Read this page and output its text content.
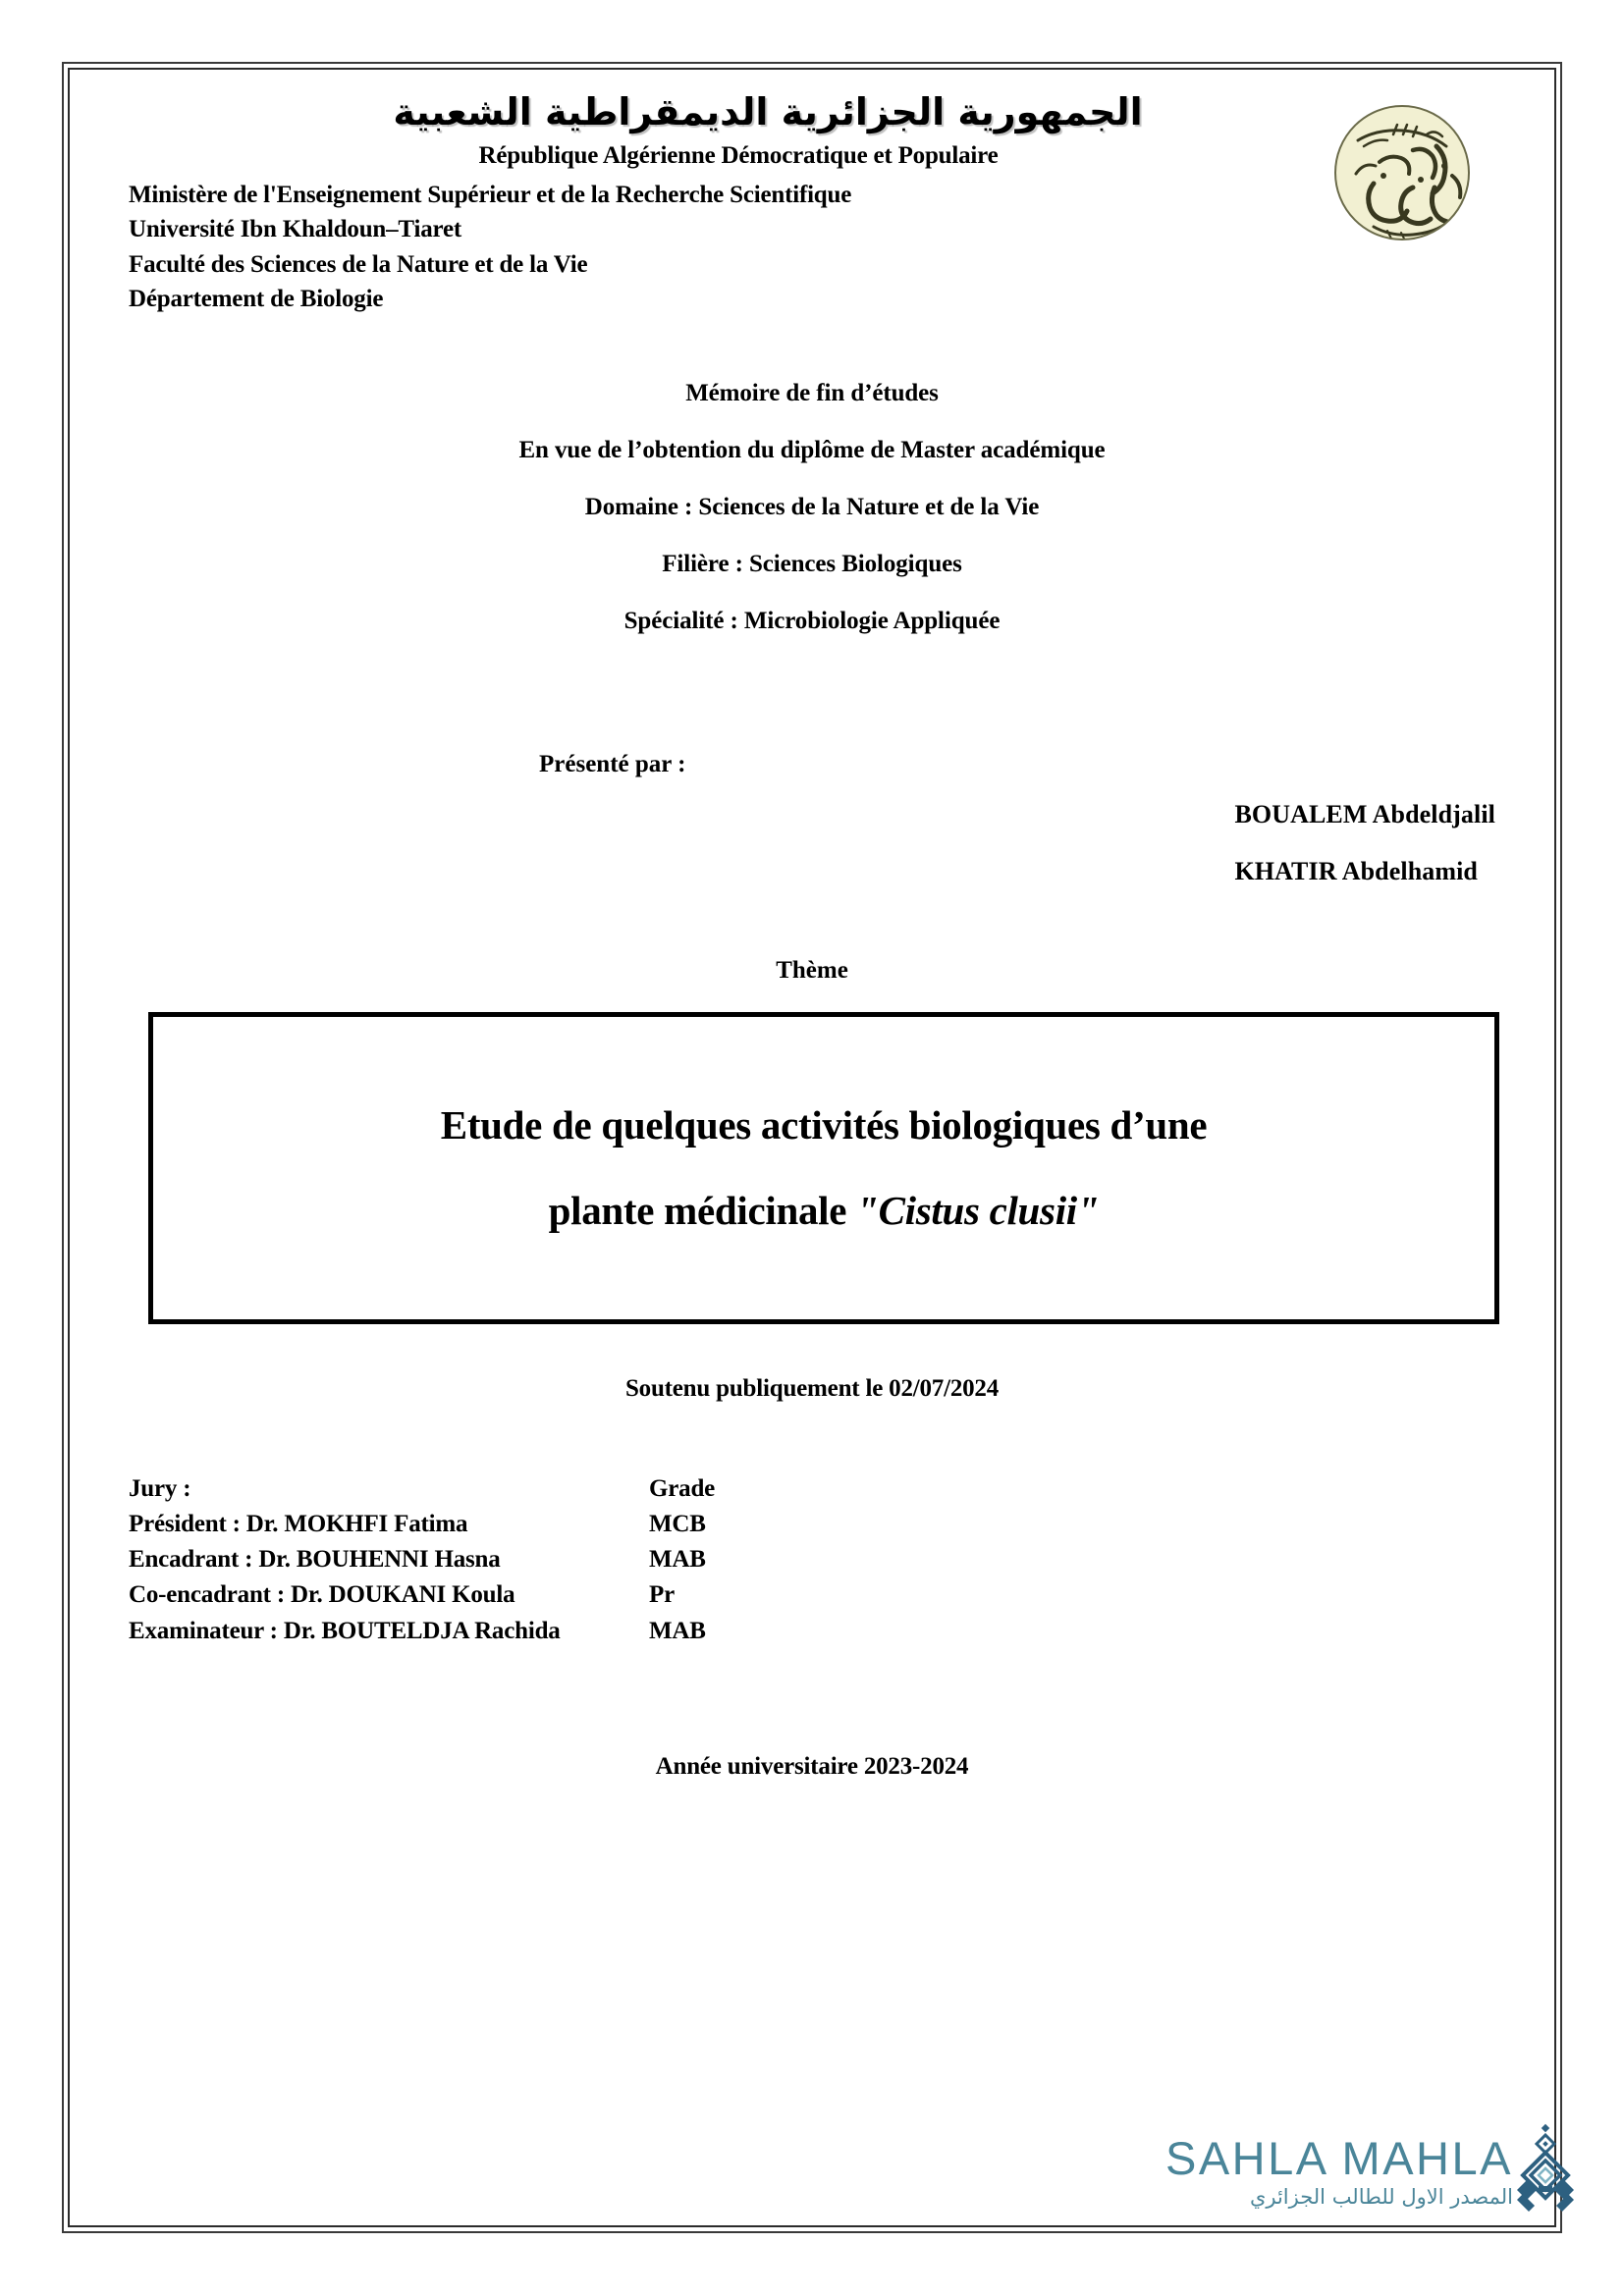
الجمهورية الجزائرية الديمقراطية الشعبية
République Algérienne Démocratique et Populaire
Ministère de l'Enseignement Supérieur et de la Recherche Scientifique
Université Ibn Khaldoun–Tiaret
Faculté des Sciences de la Nature et de la Vie
Département de Biologie
Mémoire de fin d’études
En vue de l’obtention du diplôme de Master académique
Domaine : Sciences de la Nature et de la Vie
Filière : Sciences Biologiques
Spécialité : Microbiologie Appliquée
Présenté par :
BOUALEM Abdeldjalil
KHATIR Abdelhamid
Thème
Etude de quelques activités biologiques d’une
plante médicinale "Cistus clusii"
Soutenu publiquement le 02/07/2024
Jury :	Grade
Président : Dr. MOKHFI Fatima	MCB
Encadrant : Dr. BOUHENNI Hasna	MAB
Co-encadrant : Dr. DOUKANI Koula	Pr
Examinateur : Dr. BOUTELDJA Rachida	MAB
Année universitaire 2023-2024
SAHLA MAHLA
المصدر الاول للطالب الجزائري
